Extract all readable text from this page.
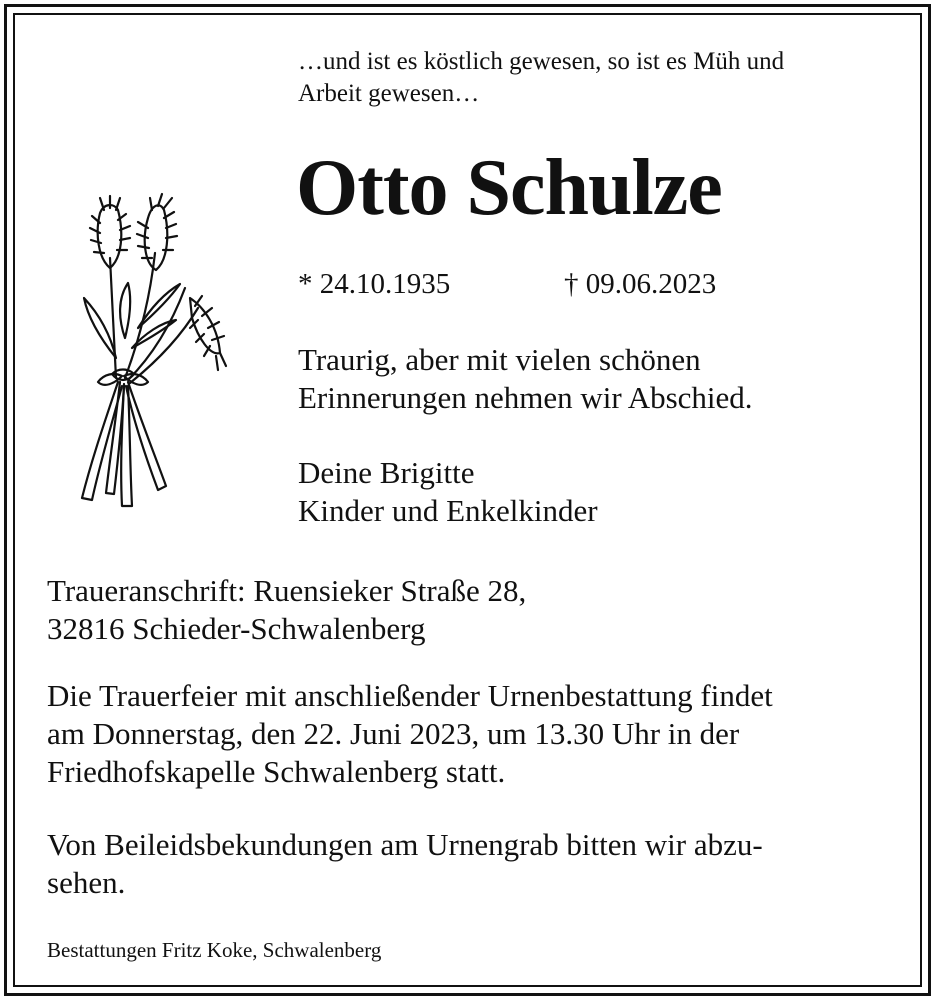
…und ist es köstlich gewesen, so ist es Müh und
Arbeit gewesen…
Otto Schulze
* 24.10.1935	† 09.06.2023
Traurig, aber mit vielen schönen
Erinnerungen nehmen wir Abschied.
Deine Brigitte
Kinder und Enkelkinder
Traueranschrift: Ruensieker Straße 28,
32816 Schieder-Schwalenberg
Die Trauerfeier mit anschließender Urnenbestattung findet
am Donnerstag, den 22. Juni 2023, um 13.30 Uhr in der
Friedhofskapelle Schwalenberg statt.
Von Beileidsbekundungen am Urnengrab bitten wir abzu-
sehen.
Bestattungen Fritz Koke, Schwalenberg
